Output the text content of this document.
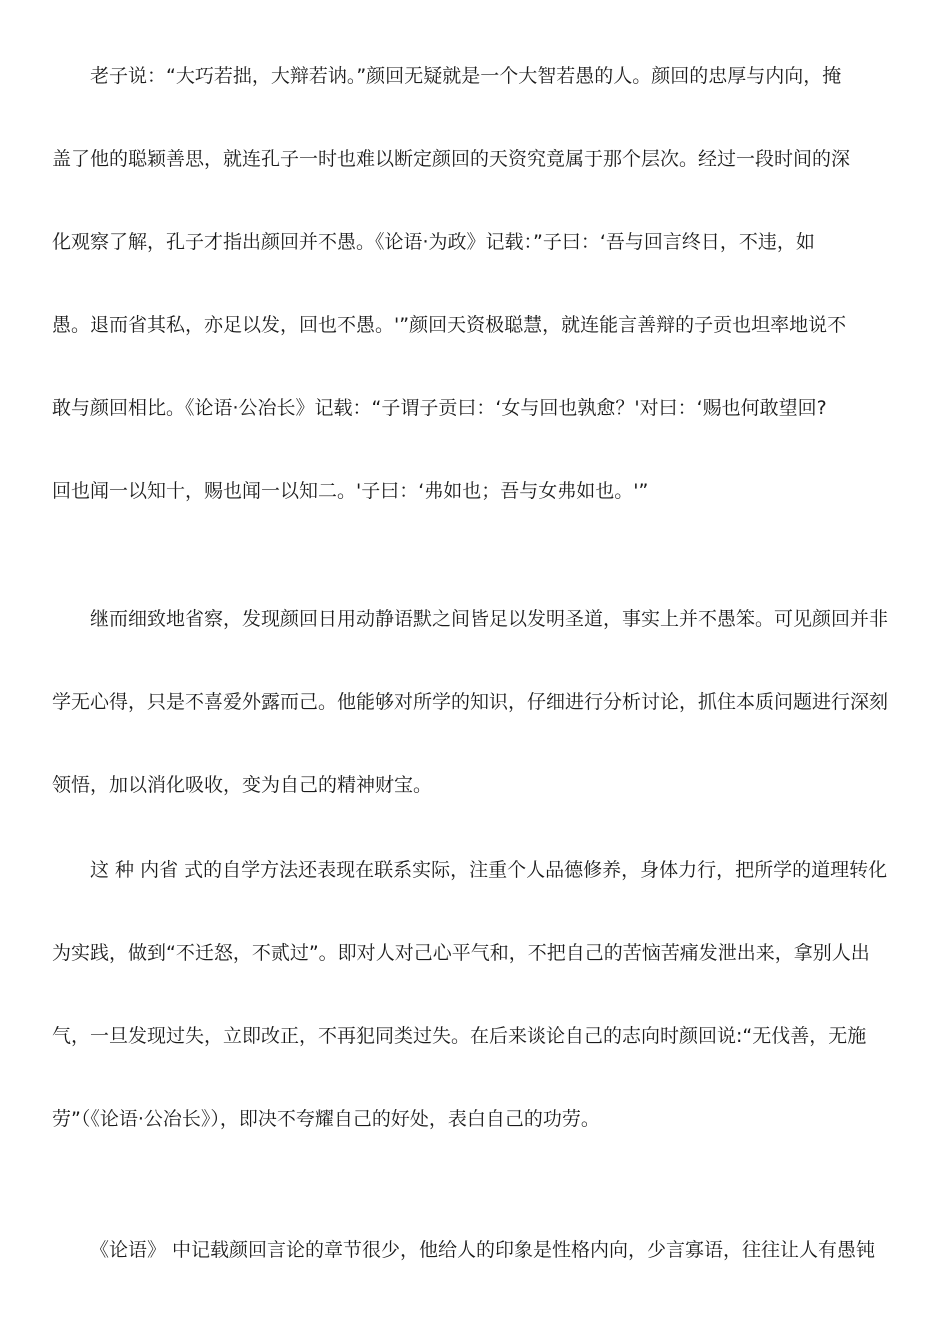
老子说：“大巧若拙，大辩若讷。”颜回无疑就是一个大智若愚的人。颜回的忠厚与内向，掩
盖了他的聪颖善思，就连孔子一时也难以断定颜回的天资究竟属于那个层次。经过一段时间的深
化观察了解，孔子才指出颜回并不愚。《论语·为政》记载：”子曰：‘吾与回言终日，不违，如
愚。退而省其私，亦足以发，回也不愚。'”颜回天资极聪慧，就连能言善辩的子贡也坦率地说不
敢与颜回相比。《论语·公冶长》记载：“子谓子贡曰：‘女与回也孰愈？'对曰：‘赐也何敢望回?
回也闻一以知十，赐也闻一以知二。'子曰：‘弗如也；吾与女弗如也。'”
继而细致地省察，发现颜回日用动静语默之间皆足以发明圣道，事实上并不愚笨。可见颜回并非
学无心得，只是不喜爱外露而己。他能够对所学的知识，仔细进行分析讨论，抓住本质问题进行深刻
领悟，加以消化吸收，变为自己的精神财宝。
这 种 内省 式的自学方法还表现在联系实际，注重个人品德修养，身体力行，把所学的道理转化
为实践，做到“不迁怒，不贰过”。即对人对己心平气和，不把自己的苦恼苦痛发泄出来，拿别人出
气，一旦发现过失，立即改正，不再犯同类过失。在后来谈论自己的志向时颜回说:“无伐善，无施
劳”（《论语·公冶长》），即决不夸耀自己的好处，表白自己的功劳。
《论语》 中记载颜回言论的章节很少，他给人的印象是性格内向，少言寡语，往往让人有愚钝
